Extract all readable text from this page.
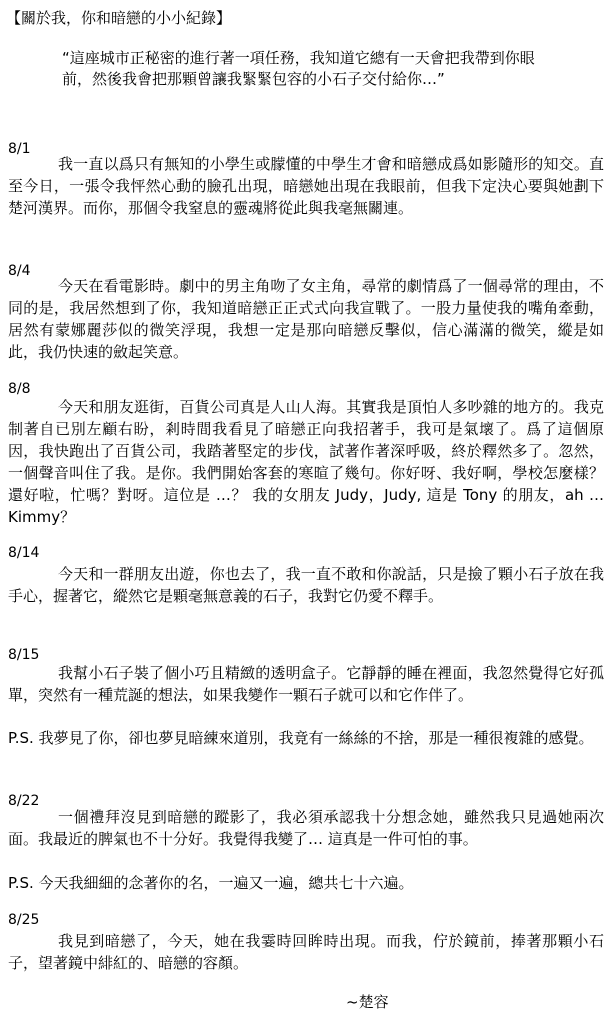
【關於我，你和暗戀的小小紀錄】
“這座城市正秘密的進行著一項任務，我知道它總有一天會把我帶到你眼前，然後我會把那顆曾讓我緊緊包容的小石子交付給你…”
8/1
我一直以爲只有無知的小學生或朦懂的中學生才會和暗戀成爲如影隨形的知交。直至今日，一張令我怦然心動的臉孔出現，暗戀她出現在我眼前，但我下定決心要與她劃下楚河漢界。而你，那個令我窒息的靈魂將從此與我毫無關連。
8/4
今天在看電影時。劇中的男主角吻了女主角，尋常的劇情爲了一個尋常的理由，不同的是，我居然想到了你，我知道暗戀正正式式向我宣戰了。一股力量使我的嘴角牽動，居然有蒙娜麗莎似的微笑浮現，我想一定是那向暗戀反擊似，信心滿滿的微笑，縱是如此，我仍快速的斂起笑意。
8/8
今天和朋友逛街，百貨公司真是人山人海。其實我是頂怕人多吵雜的地方的。我克制著自已別左顧右盼，剎時間我看見了暗戀正向我招著手，我可是氣壞了。爲了這個原因，我快跑出了百貨公司，我踏著堅定的步伐，試著作著深呼吸，終於釋然多了。忽然，一個聲音叫住了我。是你。我們開始客套的寒暄了幾句。你好呀、我好啊，學校怎麼樣？還好啦，忙嗎？對呀。這位是 …？ 我的女朋友 Judy，Judy, 這是 Tony 的朋友，ah … Kimmy？
8/14
今天和一群朋友出遊，你也去了，我一直不敢和你說話，只是撿了顆小石子放在我手心，握著它，縱然它是顆毫無意義的石子，我對它仍愛不釋手。
8/15
我幫小石子裝了個小巧且精緻的透明盒子。它靜靜的睡在裡面，我忽然覺得它好孤單，突然有一種荒誕的想法，如果我變作一顆石子就可以和它作伴了。
P.S. 我夢見了你，卻也夢見暗練來道別，我竟有一絲絲的不捨，那是一種很複雜的感覺。
8/22
一個禮拜沒見到暗戀的蹤影了，我必須承認我十分想念她，雖然我只見過她兩次面。我最近的脾氣也不十分好。我覺得我變了… 這真是一件可怕的事。
P.S. 今天我細細的念著你的名，一遍又一遍，總共七十六遍。
8/25
我見到暗戀了，今天，她在我霎時回眸時出現。而我，佇於鏡前，捧著那顆小石子，望著鏡中緋紅的、暗戀的容顏。
~楚容
